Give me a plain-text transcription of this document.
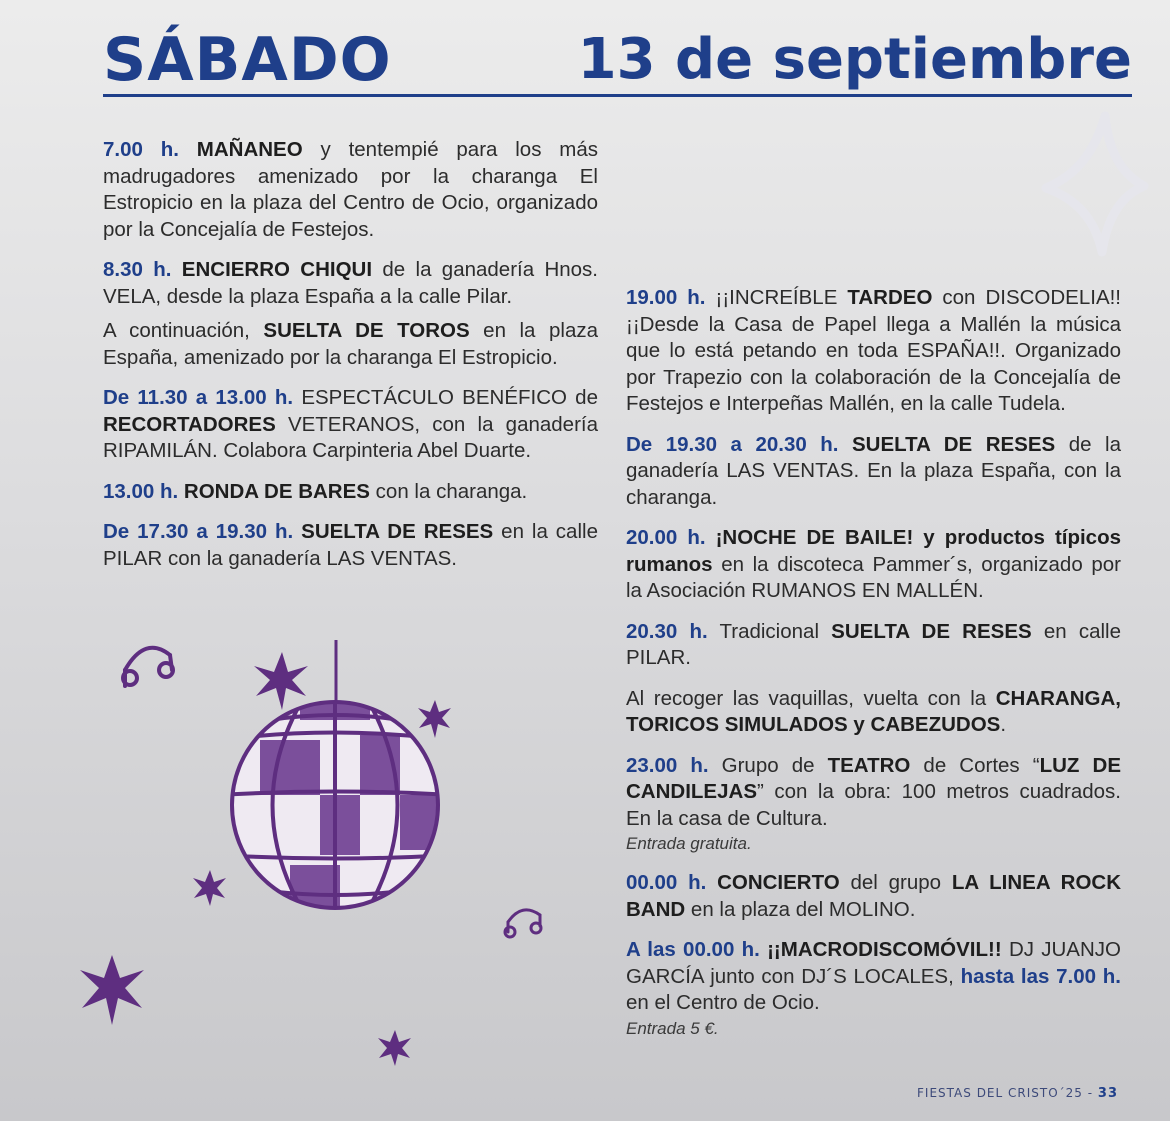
SÁBADO	13 de septiembre

7.00 h. MAÑANEO y tentempié para los más madrugadores amenizado por la charanga El Estropicio en la plaza del Centro de Ocio, organizado por la Concejalía de Festejos.

8.30 h. ENCIERRO CHIQUI de la ganadería Hnos. VELA, desde la plaza España a la calle Pilar.

A continuación, SUELTA DE TOROS en la plaza España, amenizado por la charanga El Estropicio.

De 11.30 a 13.00 h. ESPECTÁCULO BENÉFICO de RECORTADORES VETERANOS, con la ganadería RIPAMILÁN. Colabora Carpinteria Abel Duarte.

13.00 h. RONDA DE BARES con la charanga.

De 17.30 a 19.30 h. SUELTA DE RESES en la calle PILAR con la ganadería LAS VENTAS.

19.00 h. ¡¡INCREÍBLE TARDEO con DISCODELIA!! ¡¡Desde la Casa de Papel llega a Mallén la música que lo está petando en toda ESPAÑA!!. Organizado por Trapezio con la colaboración de la Concejalía de Festejos e Interpeñas Mallén, en la calle Tudela.

De 19.30 a 20.30 h. SUELTA DE RESES de la ganadería LAS VENTAS. En la plaza España, con la charanga.

20.00 h. ¡NOCHE DE BAILE! y productos típicos rumanos en la discoteca Pammer´s, organizado por la Asociación RUMANOS EN MALLÉN.

20.30 h. Tradicional SUELTA DE RESES en calle PILAR.

Al recoger las vaquillas, vuelta con la CHARANGA, TORICOS SIMULADOS y CABEZUDOS.

23.00 h. Grupo de TEATRO de Cortes “LUZ DE CANDILEJAS” con la obra: 100 metros cuadrados. En la casa de Cultura.
Entrada gratuita.

00.00 h. CONCIERTO del grupo LA LINEA ROCK BAND en la plaza del MOLINO.

A las 00.00 h. ¡¡MACRODISCOMÓVIL!! DJ JUANJO GARCÍA junto con DJ´S LOCALES, hasta las 7.00 h. en el Centro de Ocio.
Entrada 5 €.

FIESTAS DEL CRISTO´25 - 33
